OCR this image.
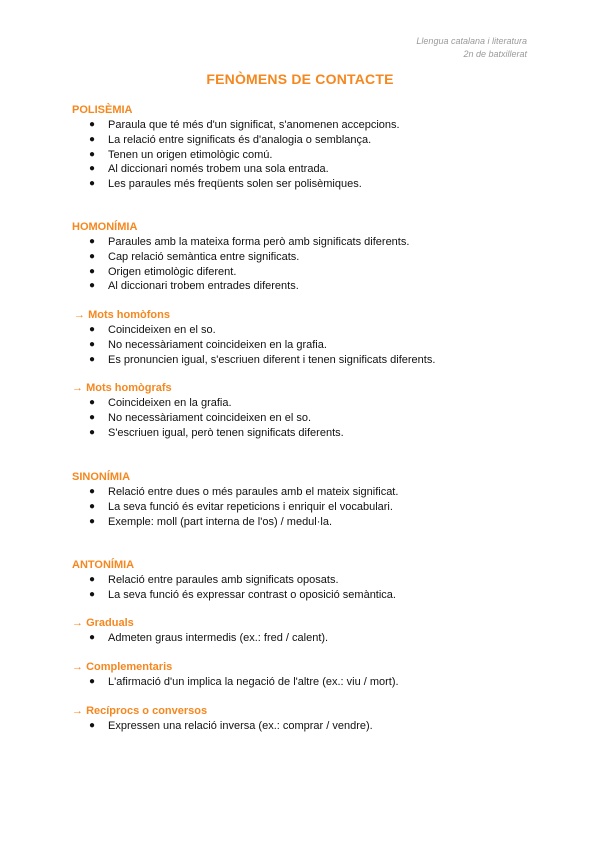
Llengua catalana i literatura
2n de batxillerat
FENÒMENS DE CONTACTE
POLISÈMIA
● Paraula que té més d'un significat, s'anomenen accepcions.
● La relació entre significats és d'analogia o semblança.
● Tenen un origen etimològic comú.
● Al diccionari només trobem una sola entrada.
● Les paraules més freqüents solen ser polisèmiques.
HOMONÍMIA
● Paraules amb la mateixa forma però amb significats diferents.
● Cap relació semàntica entre significats.
● Origen etimològic diferent.
● Al diccionari trobem entrades diferents.
→ Mots homòfons
● Coincideixen en el so.
● No necessàriament coincideixen en la grafia.
● Es pronuncien igual, s'escriuen diferent i tenen significats diferents.
→ Mots homògrafs
● Coincideixen en la grafia.
● No necessàriament coincideixen en el so.
● S'escriuen igual, però tenen significats diferents.
SINONÍMIA
● Relació entre dues o més paraules amb el mateix significat.
● La seva funció és evitar repeticions i enriquir el vocabulari.
● Exemple: moll (part interna de l'os) / medul·la.
ANTONÍMIA
● Relació entre paraules amb significats oposats.
● La seva funció és expressar contrast o oposició semàntica.
→ Graduals
● Admeten graus intermedis (ex.: fred / calent).
→ Complementaris
● L'afirmació d'un implica la negació de l'altre (ex.: viu / mort).
→ Recíprocs o conversos
● Expressen una relació inversa (ex.: comprar / vendre).
